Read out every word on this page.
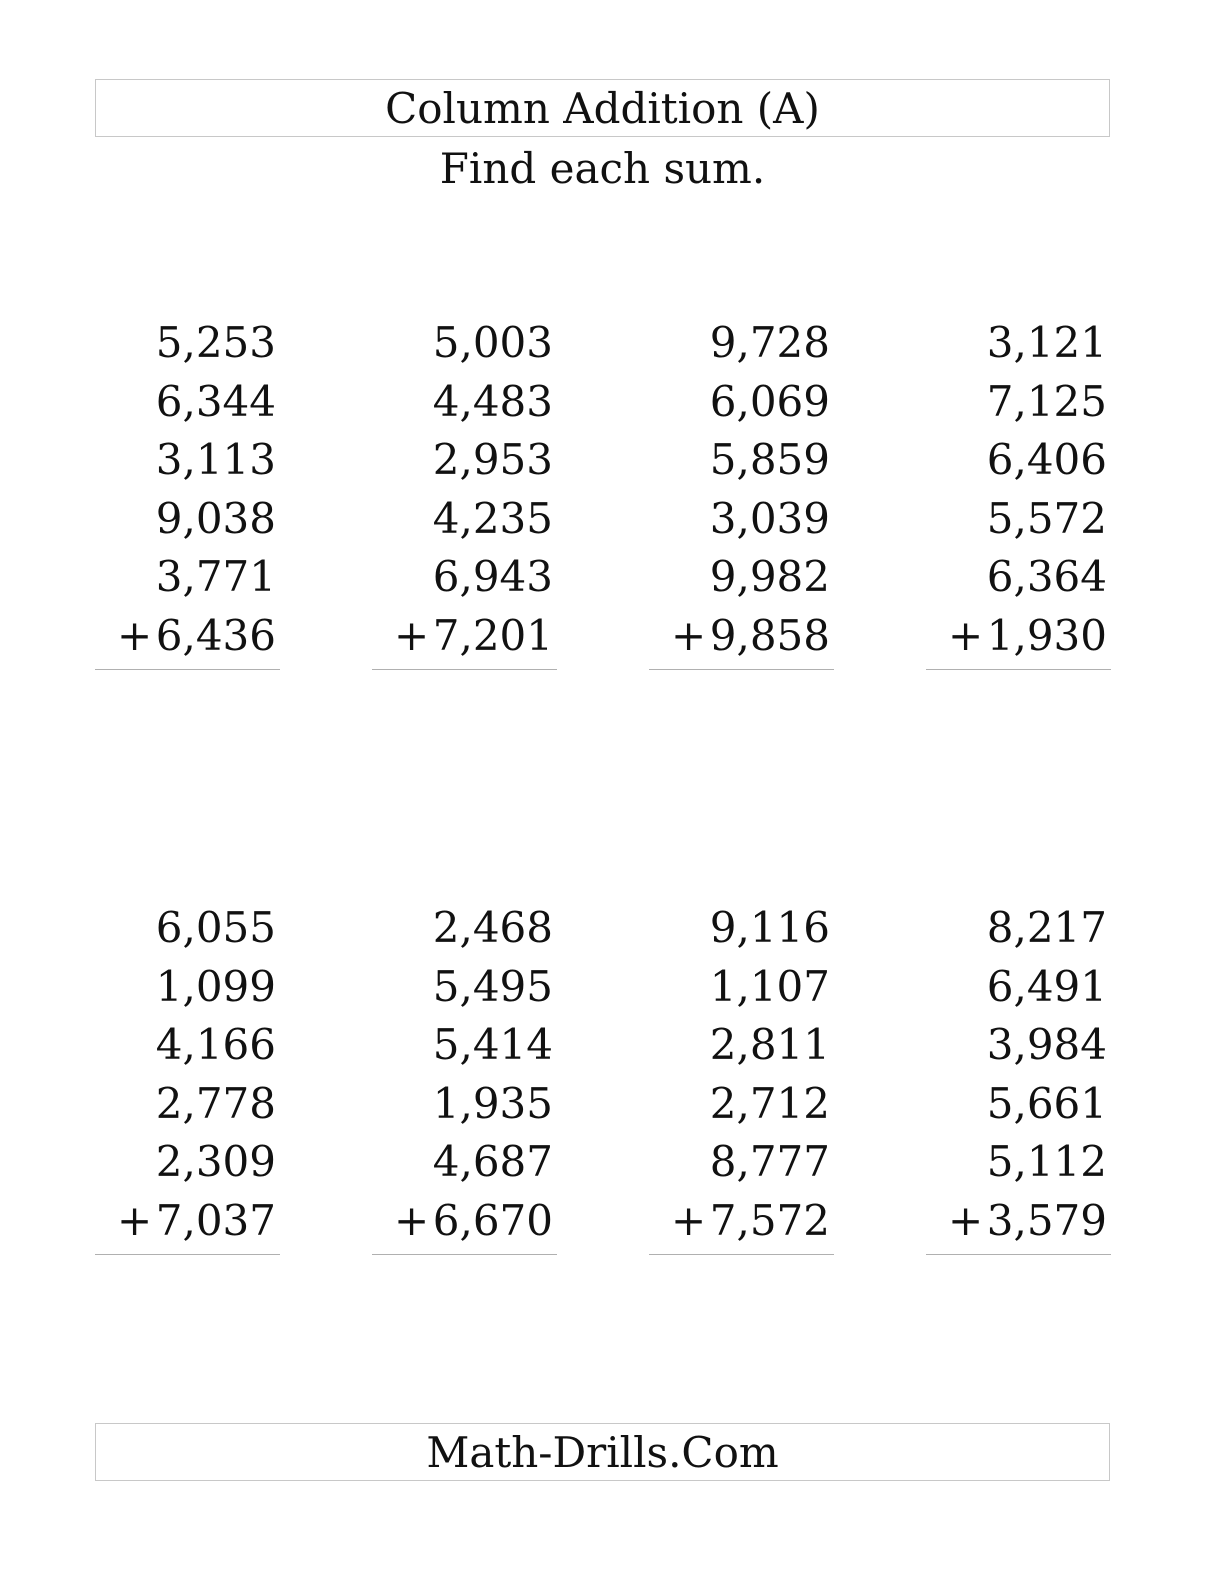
Column Addition (A)
Find each sum.
5,253
6,344
3,113
9,038
3,771
+ 6,436
5,003
4,483
2,953
4,235
6,943
+ 7,201
9,728
6,069
5,859
3,039
9,982
+ 9,858
3,121
7,125
6,406
5,572
6,364
+ 1,930
6,055
1,099
4,166
2,778
2,309
+ 7,037
2,468
5,495
5,414
1,935
4,687
+ 6,670
9,116
1,107
2,811
2,712
8,777
+ 7,572
8,217
6,491
3,984
5,661
5,112
+ 3,579
Math-Drills.Com
